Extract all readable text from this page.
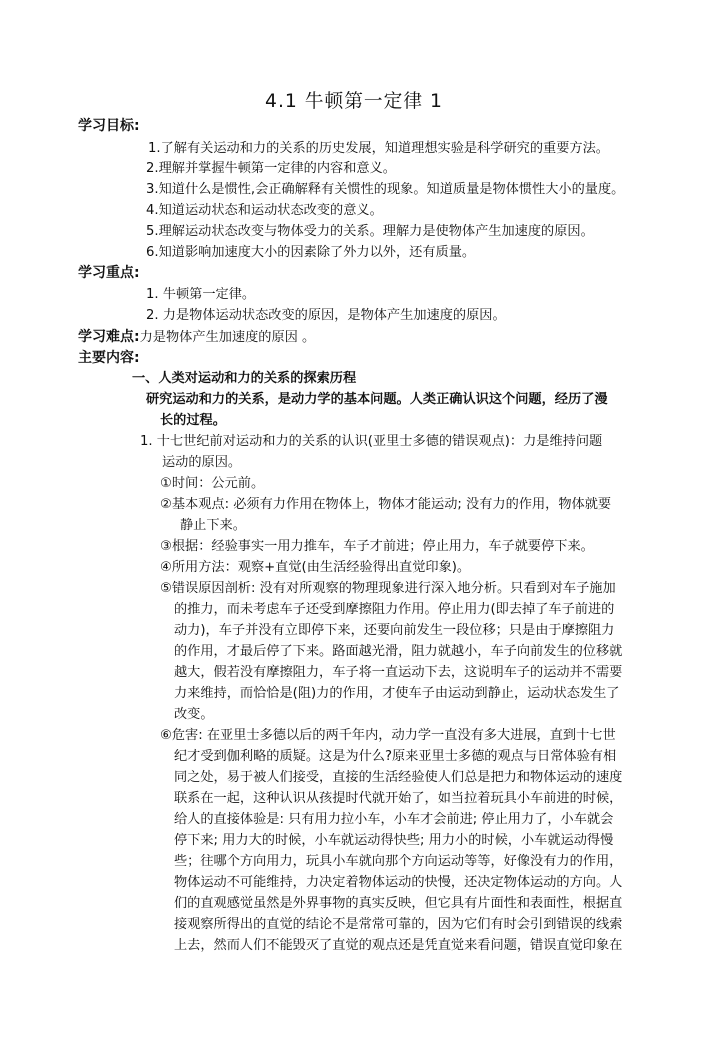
4.1 牛顿第一定律 1
学习目标:
1.了解有关运动和力的关系的历史发展，知道理想实验是科学研究的重要方法。
2.理解并掌握牛顿第一定律的内容和意义。
3.知道什么是惯性,会正确解释有关惯性的现象。知道质量是物体惯性大小的量度。
4.知道运动状态和运动状态改变的意义。
5.理解运动状态改变与物体受力的关系。理解力是使物体产生加速度的原因。
6.知道影响加速度大小的因素除了外力以外，还有质量。
学习重点:
1. 牛顿第一定律。
2. 力是物体运动状态改变的原因，是物体产生加速度的原因。
学习难点:力是物体产生加速度的原因 。
主要内容:
一、人类对运动和力的关系的探索历程
研究运动和力的关系，是动力学的基本问题。人类正确认识这个问题，经历了漫
长的过程。
1. 十七世纪前对运动和力的关系的认识(亚里士多德的错误观点)：力是维持问题
运动的原因。
①时间：公元前。
②基本观点: 必须有力作用在物体上，物体才能运动; 没有力的作用，物体就要
静止下来。
③根据：经验事实一用力推车，车子才前进；停止用力，车子就要停下来。
④所用方法：观察+直觉(由生活经验得出直觉印象)。
⑤错误原因剖析: 没有对所观察的物理现象进行深入地分析。只看到对车子施加
的推力，而未考虑车子还受到摩擦阻力作用。停止用力(即去掉了车子前进的
动力)，车子并没有立即停下来，还要向前发生一段位移；只是由于摩擦阻力
的作用，才最后停了下来。路面越光滑，阻力就越小，车子向前发生的位移就
越大，假若没有摩擦阻力，车子将一直运动下去，这说明车子的运动并不需要
力来维持，而恰恰是(阻)力的作用，才使车子由运动到静止，运动状态发生了
改变。
⑥危害: 在亚里士多德以后的两千年内，动力学一直没有多大进展，直到十七世
纪才受到伽利略的质疑。这是为什么?原来亚里士多德的观点与日常体验有相
同之处，易于被人们接受，直接的生活经验使人们总是把力和物体运动的速度
联系在一起，这种认识从孩提时代就开始了，如当拉着玩具小车前进的时候，
给人的直接体验是: 只有用力拉小车，小车才会前进; 停止用力了，小车就会
停下来; 用力大的时候，小车就运动得快些; 用力小的时候，小车就运动得慢
些；往哪个方向用力，玩具小车就向那个方向运动等等，好像没有力的作用，
物体运动不可能维持，力决定着物体运动的快慢，还决定物体运动的方向。人
们的直观感觉虽然是外界事物的真实反映，但它具有片面性和表面性，根据直
接观察所得出的直觉的结论不是常常可靠的，因为它们有时会引到错误的线索
上去，然而人们不能毁灭了直觉的观点还是凭直觉来看问题，错误直觉印象在
